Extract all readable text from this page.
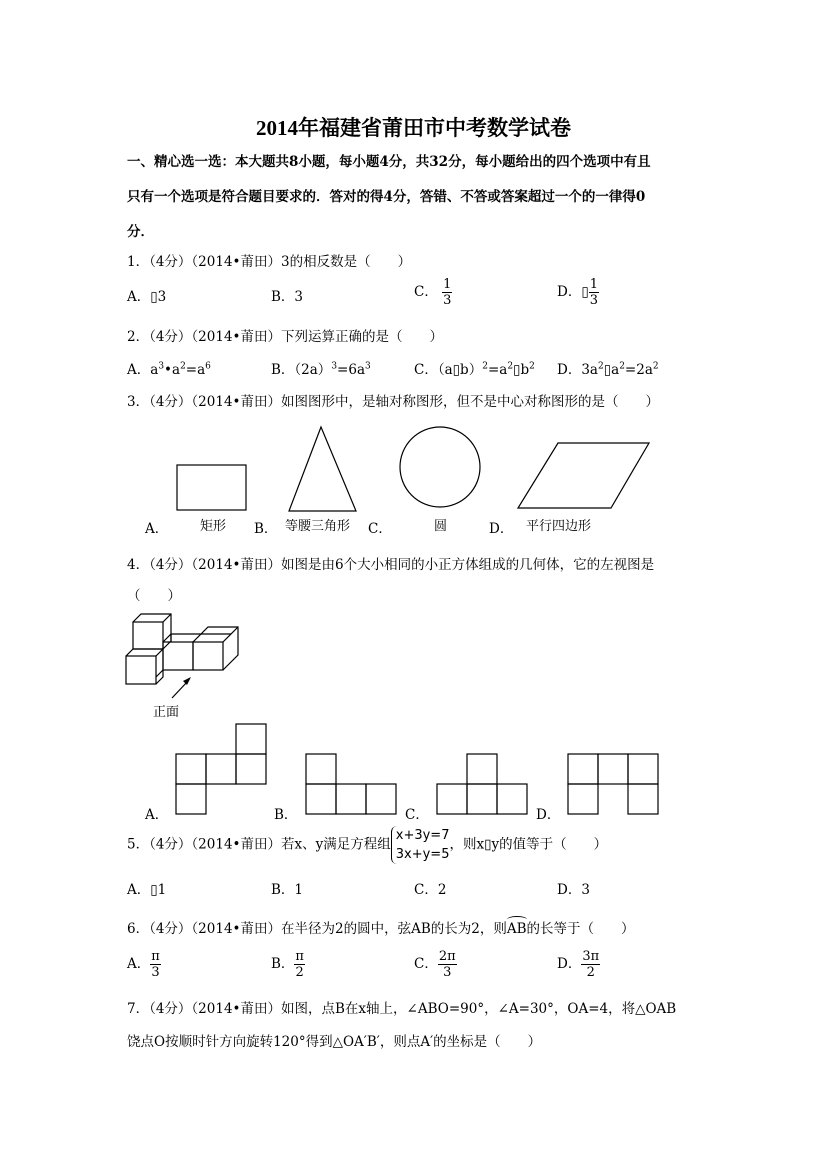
2014年福建省莆田市中考数学试卷
一、精心选一选：本大题共8小题，每小题4分，共32分，每小题给出的四个选项中有且
只有一个选项是符合题目要求的．答对的得4分，答错、不答或答案超过一个的一律得0
分．
1．（4分）（2014•莆田）3的相反数是（　　）
A．▯3	B．3	C． $\frac{1}{3}$	D．▯ $\frac{1}{3}$
2．（4分）（2014•莆田）下列运算正确的是（　　）
A．$a^3•a^2=a^6$	B．$(2a)^3=6a^3$	C．$(a▯b)^2=a^2▯b^2$ D．$3a^2▯a^2=2a^2$
3．（4分）（2014•莆田）如图图形中，是轴对称图形，但不是中心对称图形的是（　　）
A． 矩形 B． 等腰三角形 C．	圆	D． 平行四边形
4．（4分）（2014•莆田）如图是由6个大小相同的小正方体组成的几何体，它的左视图是
（　　）
正面
A．	B．	C．	D．
5．（4分）（2014•莆田）若x、y满足方程组
x+3y=7
3x+y=5
，则x▯y的值等于（　　）
A．▯1	B．1	C．2	D．3
6．（4分）（2014•莆田）在半径为2的圆中，弦AB的长为2，则AB的长等于（　　）
A． $\frac{\pi}{3}$	B． $\frac{\pi}{2}$	C． $\frac{2\pi}{3}$	D． $\frac{3\pi}{2}$
7．（4分）（2014•莆田）如图，点B在x轴上，∠ABO=90°，∠A=30°，OA=4，将△OAB
饶点O按顺时针方向旋转120°得到△OA′B′，则点A′的坐标是（　　）
